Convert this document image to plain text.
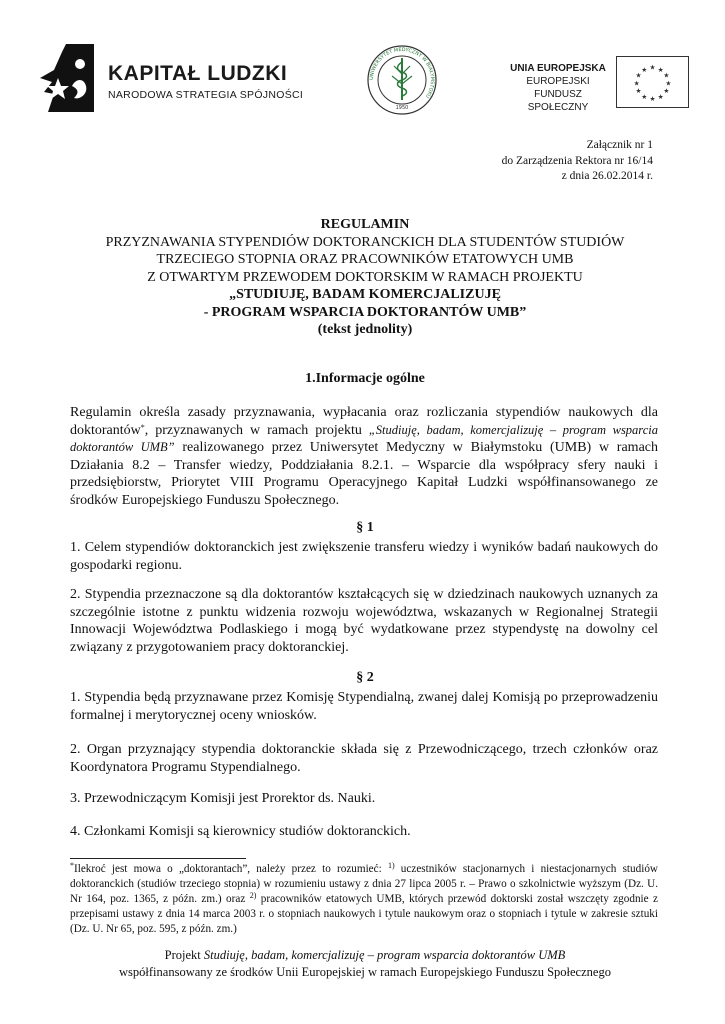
KAPITAŁ LUDZKI
NARODOWA STRATEGIA SPÓJNOŚCI
UNIWERSYTET MEDYCZNY W BIAŁYMSTOKU
1950
UNIA EUROPEJSKA
EUROPEJSKI
FUNDUSZ SPOŁECZNY
★ ★
★
★
★
★
★
★
★
★
★
★
Załącznik nr 1
do Zarządzenia Rektora nr 16/14
z dnia 26.02.2014 r.
REGULAMIN
PRZYZNAWANIA STYPENDIÓW DOKTORANCKICH DLA STUDENTÓW STUDIÓW
TRZECIEGO STOPNIA ORAZ PRACOWNIKÓW ETATOWYCH UMB
Z OTWARTYM PRZEWODEM DOKTORSKIM W RAMACH PROJEKTU
„STUDIUJĘ, BADAM KOMERCJALIZUJĘ
- PROGRAM WSPARCIA DOKTORANTÓW UMB”
(tekst jednolity)
1.Informacje ogólne
Regulamin określa zasady przyznawania, wypłacania oraz rozliczania stypendiów naukowych dla doktorantów*, przyznawanych w ramach projektu „Studiuję, badam, komercjalizuję – program wsparcia doktorantów UMB” realizowanego przez Uniwersytet Medyczny w Białymstoku (UMB) w ramach Działania 8.2 – Transfer wiedzy, Poddziałania 8.2.1. – Wsparcie dla współpracy sfery nauki i przedsiębiorstw, Priorytet VIII Programu Operacyjnego Kapitał Ludzki współfinansowanego ze środków Europejskiego Funduszu Społecznego.
§ 1
1. Celem stypendiów doktoranckich jest zwiększenie transferu wiedzy i wyników badań naukowych do gospodarki regionu.
2. Stypendia przeznaczone są dla doktorantów kształcących się w dziedzinach naukowych uznanych za szczególnie istotne z punktu widzenia rozwoju województwa, wskazanych w Regionalnej Strategii Innowacji Województwa Podlaskiego i mogą być wydatkowane przez stypendystę na dowolny cel związany z przygotowaniem pracy doktoranckiej.
§ 2
1. Stypendia będą przyznawane przez Komisję Stypendialną, zwanej dalej Komisją po przeprowadzeniu formalnej i merytorycznej oceny wniosków.
2. Organ przyznający stypendia doktoranckie składa się z Przewodniczącego, trzech członków oraz Koordynatora Programu Stypendialnego.
3. Przewodniczącym Komisji jest Prorektor ds. Nauki.
4. Członkami Komisji są kierownicy studiów doktoranckich.
*Ilekroć jest mowa o „doktorantach”, należy przez to rozumieć: $^{1)}$ uczestników stacjonarnych i niestacjonarnych studiów doktoranckich (studiów trzeciego stopnia) w rozumieniu ustawy z dnia 27 lipca 2005 r. – Prawo o szkolnictwie wyższym (Dz. U. Nr 164, poz. 1365, z późn. zm.) oraz $^{2)}$ pracowników etatowych UMB, których przewód doktorski został wszczęty zgodnie z przepisami ustawy z dnia 14 marca 2003 r. o stopniach naukowych i tytule naukowym oraz o stopniach i tytule w zakresie sztuki (Dz. U. Nr 65, poz. 595, z późn. zm.)
Projekt Studiuję, badam, komercjalizuję – program wsparcia doktorantów UMB
współfinansowany ze środków Unii Europejskiej w ramach Europejskiego Funduszu Społecznego
